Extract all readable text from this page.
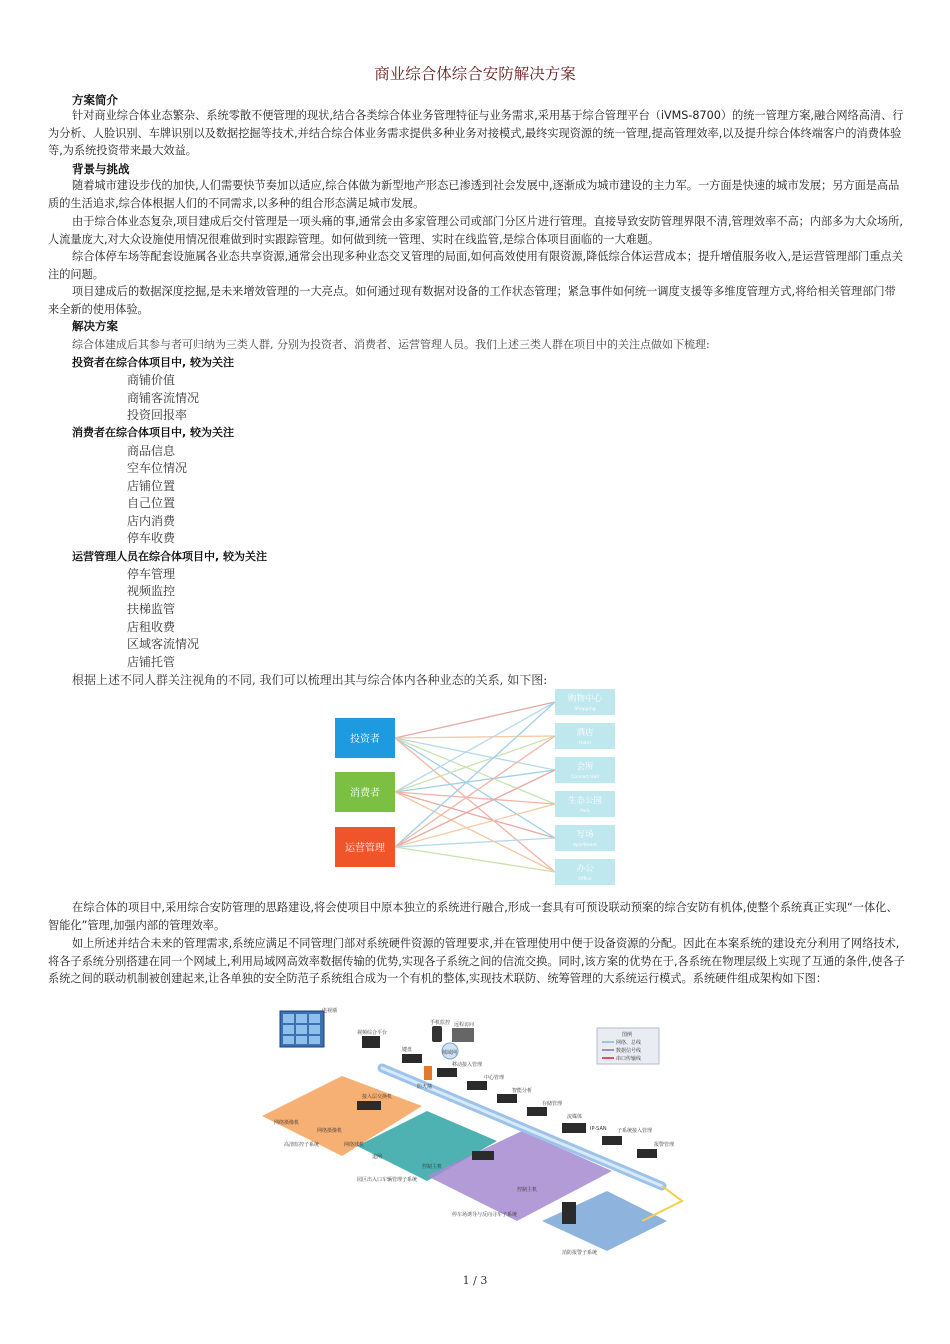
商业综合体综合安防解决方案
方案简介
针对商业综合体业态繁杂、系统零散不便管理的现状,结合各类综合体业务管理特征与业务需求,采用基于综合管理平台（iVMS-8700）的统一管理方案,融合网络高清、行为分析、人脸识别、车牌识别以及数据挖掘等技术,并结合综合体业务需求提供多种业务对接模式,最终实现资源的统一管理,提高管理效率,以及提升综合体终端客户的消费体验等,为系统投资带来最大效益。
背景与挑战
随着城市建设步伐的加快,人们需要快节奏加以适应,综合体做为新型地产形态已渗透到社会发展中,逐渐成为城市建设的主力军。一方面是快速的城市发展；另方面是高品质的生活追求,综合体根据人们的不同需求,以多种的组合形态满足城市发展。
由于综合体业态复杂,项目建成后交付管理是一项头痛的事,通常会由多家管理公司或部门分区片进行管理。直接导致安防管理界限不清,管理效率不高；内部多为大众场所,人流量庞大,对大众设施使用情况很难做到时实跟踪管理。如何做到统一管理、实时在线监管,是综合体项目面临的一大难题。
综合体停车场等配套设施属各业态共享资源,通常会出现多种业态交叉管理的局面,如何高效使用有限资源,降低综合体运营成本；提升增值服务收入,是运营管理部门重点关注的问题。
项目建成后的数据深度挖掘,是未来增效管理的一大亮点。如何通过现有数据对设备的工作状态管理；紧急事件如何统一调度支援等多维度管理方式,将给相关管理部门带来全新的使用体验。
解决方案
综合体建成后其参与者可归纳为三类人群, 分别为投资者、消费者、运营管理人员。我们上述三类人群在项目中的关注点做如下梳理:
投资者在综合体项目中, 较为关注
商铺价值
商铺客流情况
投资回报率
消费者在综合体项目中, 较为关注
商品信息
空车位情况
店铺位置
自己位置
店内消费
停车收费
运营管理人员在综合体项目中, 较为关注
停车管理
视频监控
扶梯监管
店租收费
区域客流情况
店铺托管
根据上述不同人群关注视角的不同, 我们可以梳理出其与综合体内各种业态的关系, 如下图:
投资者
消费者
运营管理
购物中心
Shopping
酒店
Hotel
会所
Concert Hall
生态公园
Park
写场
Apartment
办公
Office
在综合体的项目中,采用综合安防管理的思路建设,将会使项目中原本独立的系统进行融合,形成一套具有可预设联动预案的综合安防有机体,使整个系统真正实现“一体化、智能化”管理,加强内部的管理效率。
如上所述并结合未来的管理需求,系统应满足不同管理门部对系统硬件资源的管理要求,并在管理使用中便于设备资源的分配。因此在本案系统的建设充分利用了网络技术,将各子系统分别搭建在同一个网域上,利用局域网高效率数据传输的优势,实现各子系统之间的信流交换。同时,该方案的优势在于,各系统在物理层级上实现了互通的条件,使各子系统之间的联动机制被创建起来,让各单独的安全防范子系统组合成为一个有机的整体,实现技术联防、统筹管理的大系统运行模式。系统硬件组成架构如下图：
电视墙
视频综合平台
手机监控 远程访问
键盘	城域网
防火墙
移动接入管理
中心管理
智能分析
存储管理
流媒体
IP-SAN 子系统接入管理
报警管理
接入层交换机
网络摄像机
网络摄像机
网络球机
高清监控子系统
道闸
控制主机
控制主机
园区出入口车辆管理子系统
停车场诱导与反向寻车子系统
消防报警子系统
图例
网络、总线
数据信号线
串口传输线
1 / 3
